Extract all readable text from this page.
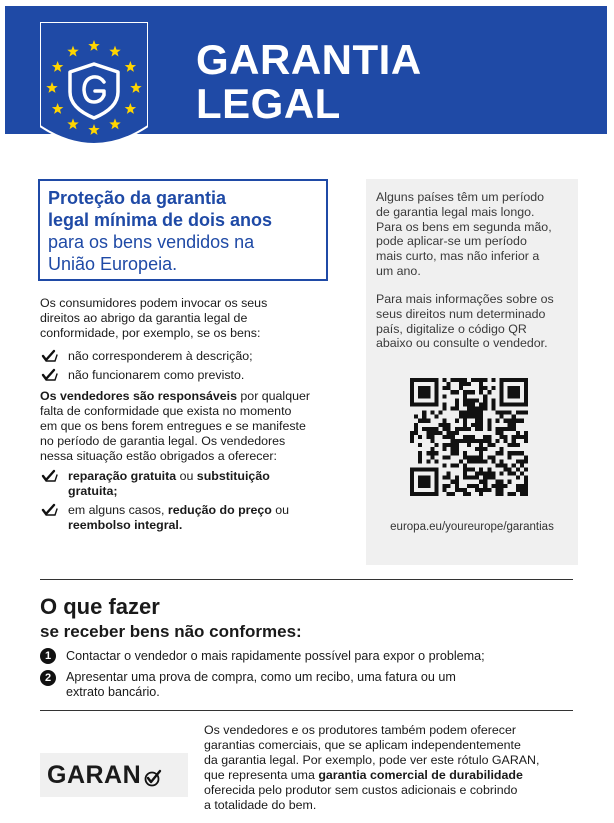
GARANTIA
LEGAL
Proteção da garantia
legal mínima de dois anos
para os bens vendidos na
União Europeia.
Os consumidores podem invocar os seus
direitos ao abrigo da garantia legal de
conformidade, por exemplo, se os bens:
não corresponderem à descrição;
não funcionarem como previsto.
Os vendedores são responsáveis por qualquer
falta de conformidade que exista no momento
em que os bens forem entregues e se manifeste
no período de garantia legal. Os vendedores
nessa situação estão obrigados a oferecer:
reparação gratuita ou substituição
gratuita;
em alguns casos, redução do preço ou
reembolso integral.
Alguns países têm um período
de garantia legal mais longo.
Para os bens em segunda mão,
pode aplicar-se um período
mais curto, mas não inferior a
um ano.
Para mais informações sobre os
seus direitos num determinado
país, digitalize o código QR
abaixo ou consulte o vendedor.
europa.eu/youreurope/garantias
O que fazer
se receber bens não conformes:
1	Contactar o vendedor o mais rapidamente possível para expor o problema;
2	Apresentar uma prova de compra, como um recibo, uma fatura ou um
extrato bancário.
GARAN
Os vendedores e os produtores também podem oferecer
garantias comerciais, que se aplicam independentemente
da garantia legal. Por exemplo, pode ver este rótulo GARAN,
que representa uma garantia comercial de durabilidade
oferecida pelo produtor sem custos adicionais e cobrindo
a totalidade do bem.
